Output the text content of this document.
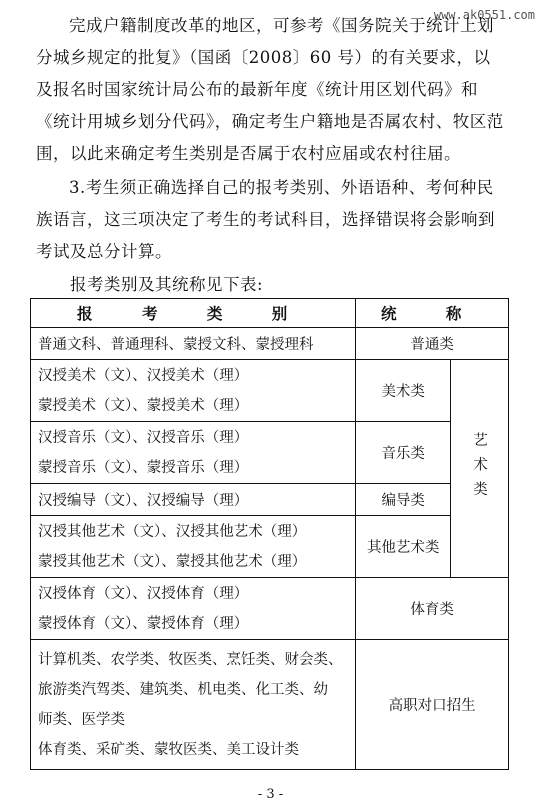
www.ak0551.com
完成户籍制度改革的地区，可参考《国务院关于统计上划分城乡规定的批复》（国函〔2008〕60 号）的有关要求，以及报名时国家统计局公布的最新年度《统计用区划代码》和《统计用城乡划分代码》，确定考生户籍地是否属农村、牧区范围，以此来确定考生类别是否属于农村应届或农村往届。
3.考生须正确选择自己的报考类别、外语语种、考何种民族语言，这三项决定了考生的考试科目，选择错误将会影响到考试及总分计算。
报考类别及其统称见下表:
报 考 类 别	统 称	
普通文科、普通理科、蒙授文科、蒙授理科	普通类	

汉授美术（文）、汉授美术（理）
蒙授美术（文）、蒙授美术（理）	美术类	艺术类

汉授音乐（文）、汉授音乐（理）
蒙授音乐（文）、蒙授音乐（理）	音乐类	
汉授编导（文）、汉授编导（理）	编导类	

汉授其他艺术（文）、汉授其他艺术（理）
蒙授其他艺术（文）、蒙授其他艺术（理）	其他艺术类	

汉授体育（文）、汉授体育（理）
蒙授体育（文）、蒙授体育（理）	体育类	

计算机类、农学类、牧医类、烹饪类、财会类、
旅游类汽驾类、建筑类、机电类、化工类、幼
师类、医学类
体育类、采矿类、蒙牧医类、美工设计类	高职对口招生	
- 3 -
